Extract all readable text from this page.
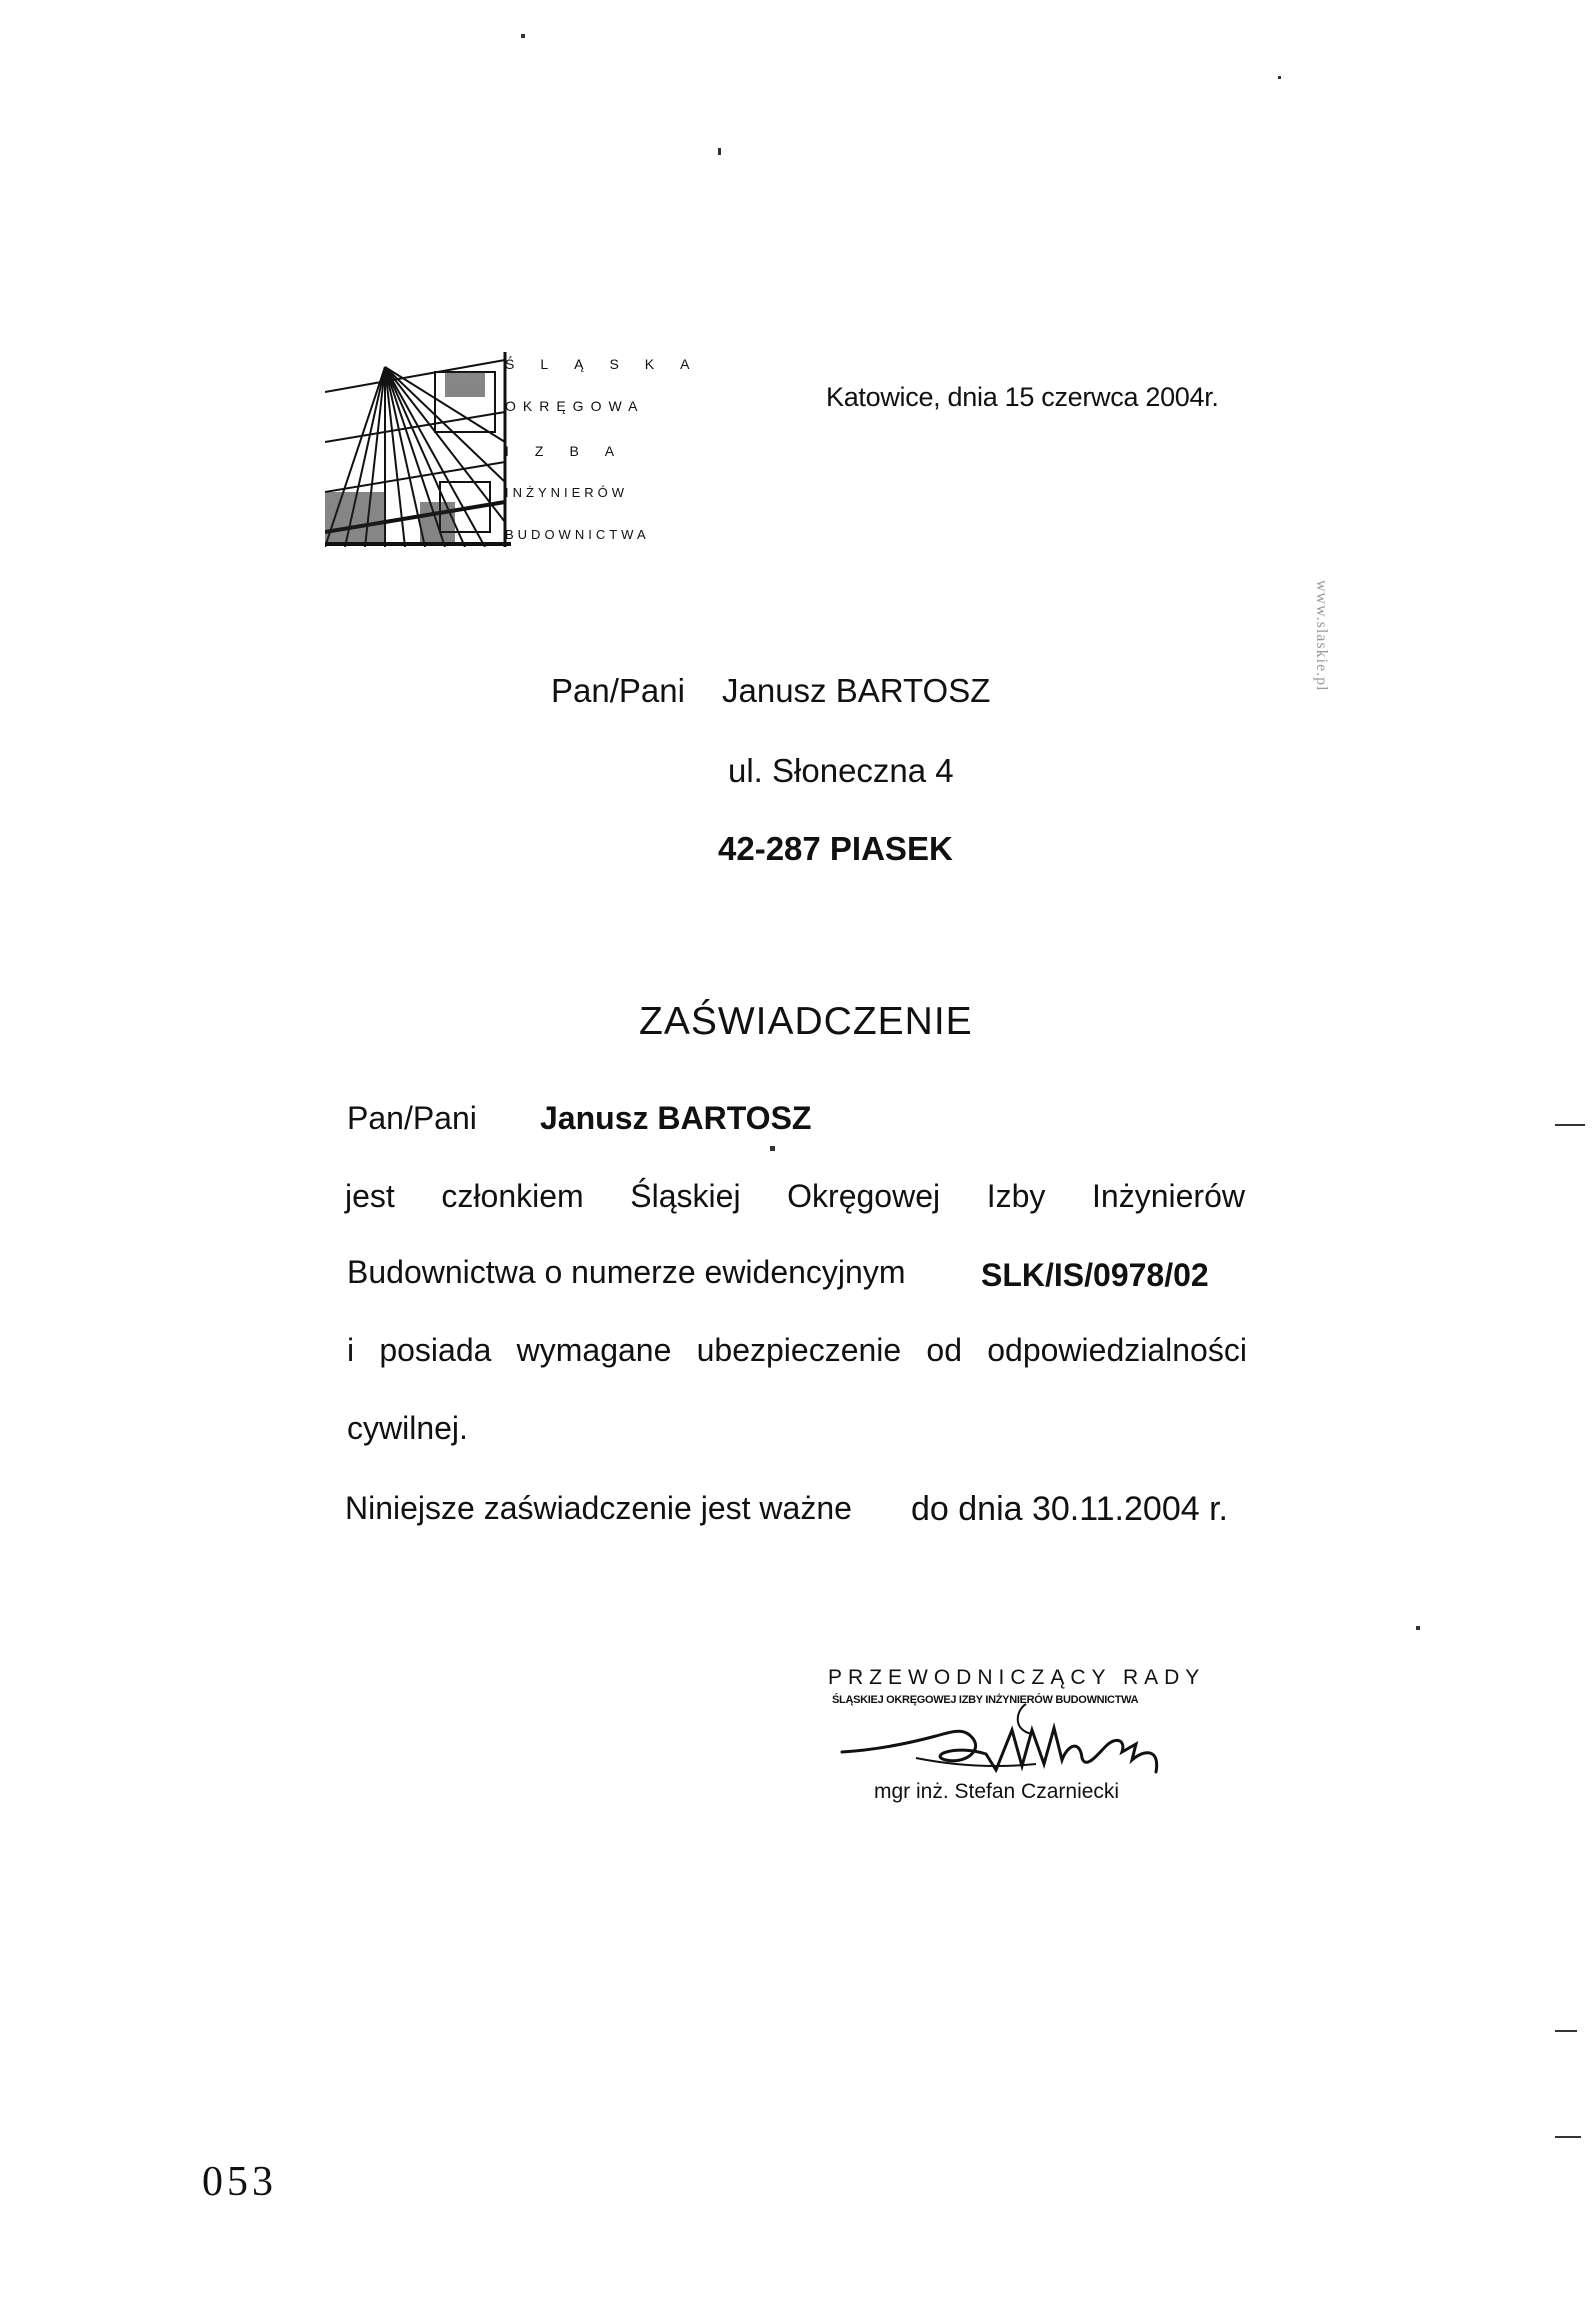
ŚLĄSKA
OKRĘGOWA
IZBA
INŻYNIERÓW
BUDOWNICTWA
Katowice, dnia 15 czerwca 2004r.
Pan/Pani Janusz BARTOSZ
ul. Słoneczna 4
42-287 PIASEK
ZAŚWIADCZENIE
Pan/Pani Janusz BARTOSZ
jest członkiem Śląskiej Okręgowej Izby Inżynierów
Budownictwa o numerze ewidencyjnym SLK/IS/0978/02
i posiada wymagane ubezpieczenie od odpowiedzialności
cywilnej.
Niniejsze zaświadczenie jest ważne do dnia 30.11.2004 r.
PRZEWODNICZĄCY RADY
ŚLĄSKIEJ OKRĘGOWEJ IZBY INŻYNIERÓW BUDOWNICTWA
mgr inż. Stefan Czarniecki
053
www.slaskie.pl
